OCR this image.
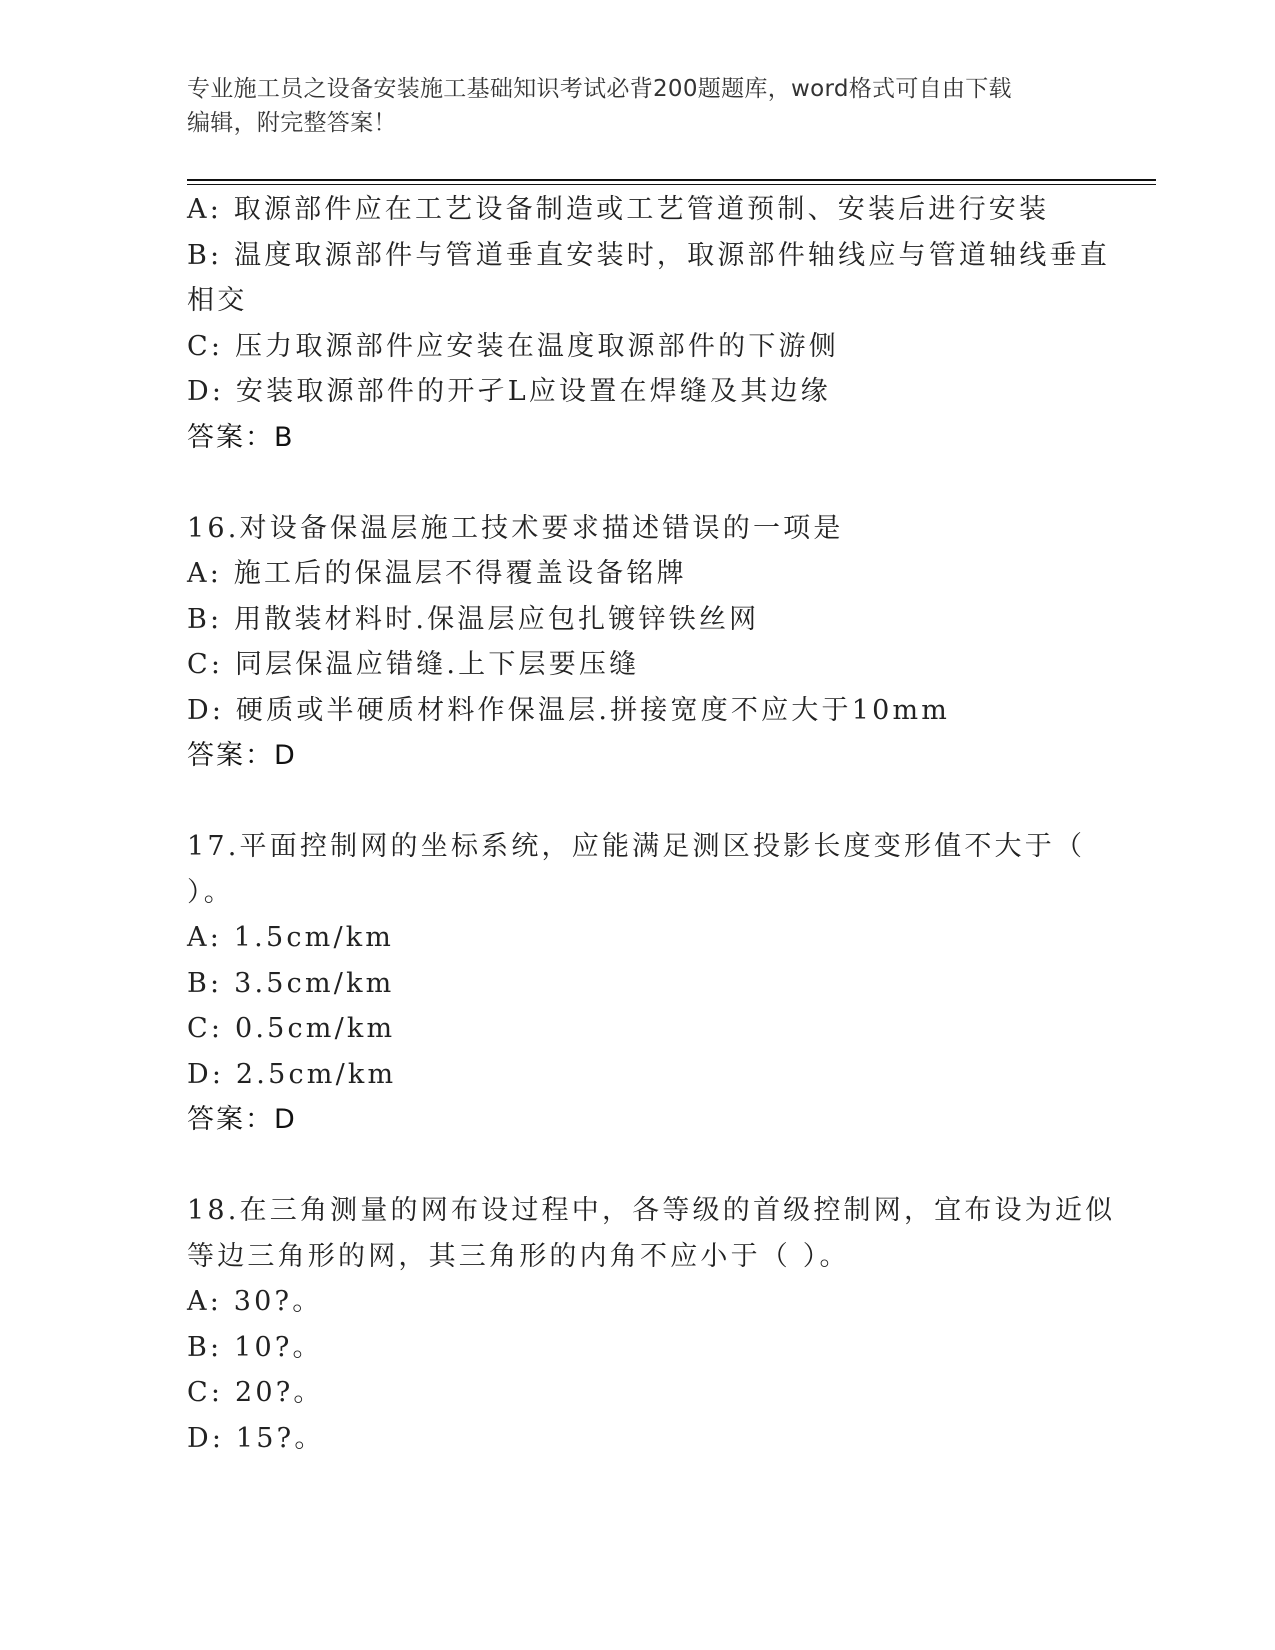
专业施工员之设备安装施工基础知识考试必背200题题库，word格式可自由下载
编辑，附完整答案！
A: 取源部件应在工艺设备制造或工艺管道预制、安装后进行安装
B: 温度取源部件与管道垂直安装时，取源部件轴线应与管道轴线垂直
相交
C: 压力取源部件应安装在温度取源部件的下游侧
D: 安装取源部件的开孑L应设置在焊缝及其边缘
答案：B
16.对设备保温层施工技术要求描述错误的一项是
A: 施工后的保温层不得覆盖设备铭牌
B: 用散装材料时.保温层应包扎镀锌铁丝网
C: 同层保温应错缝.上下层要压缝
D: 硬质或半硬质材料作保温层.拼接宽度不应大于10mm
答案：D
17.平面控制网的坐标系统，应能满足测区投影长度变形值不大于（
）。
A: 1.5cm/km
B: 3.5cm/km
C: 0.5cm/km
D: 2.5cm/km
答案：D
18.在三角测量的网布设过程中，各等级的首级控制网，宜布设为近似
等边三角形的网，其三角形的内角不应小于（ ）。
A: 30?。
B: 10?。
C: 20?。
D: 15?。
